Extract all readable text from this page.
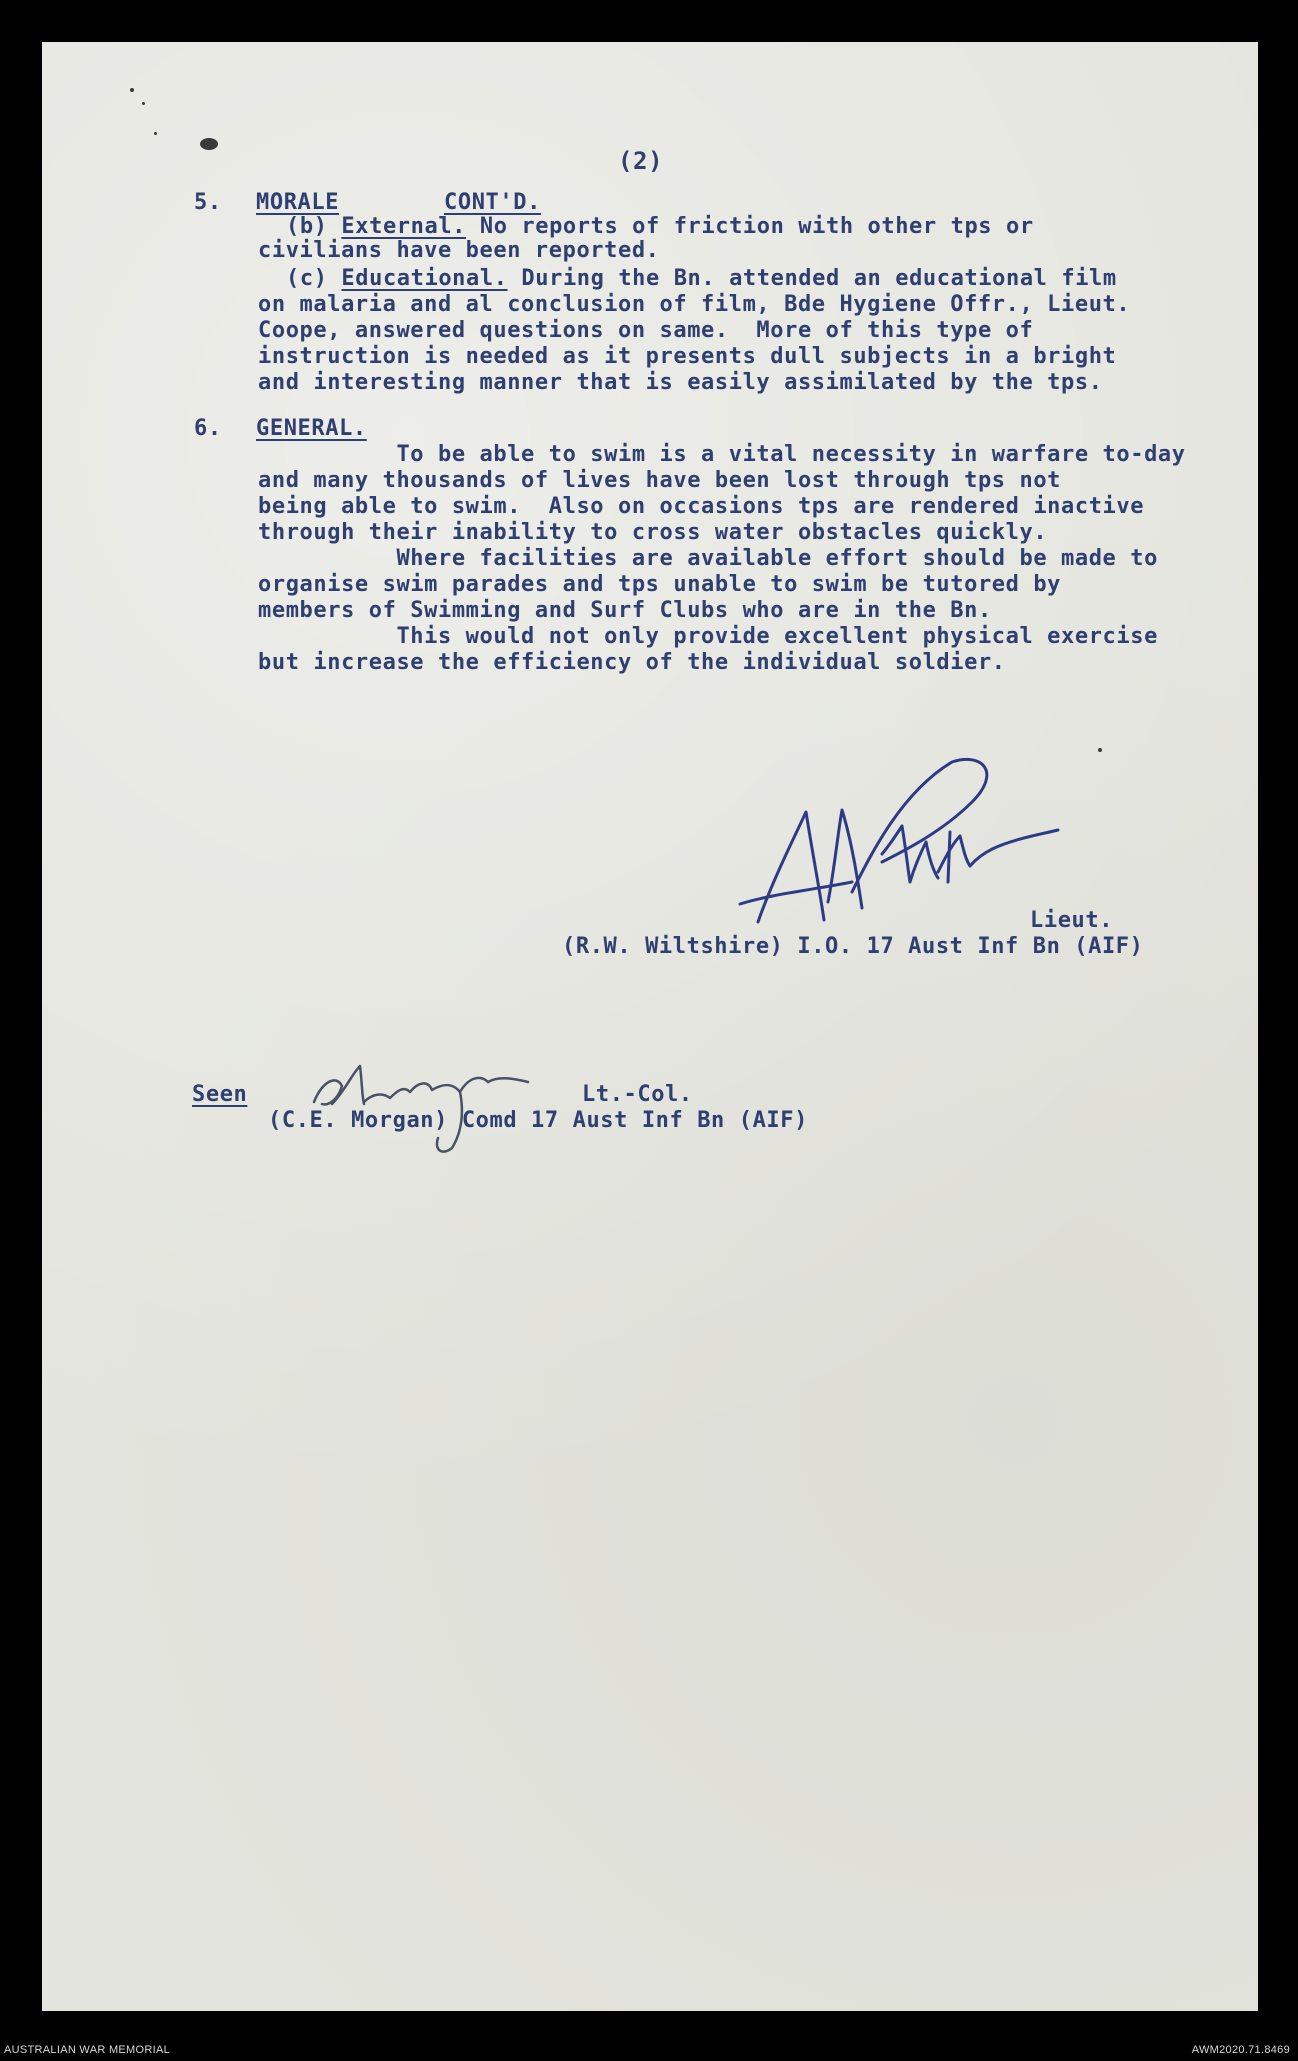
(2)
5. MORALE	CONT'D.
(b) External. No reports of friction with other tps or
civilians have been reported.
(c) Educational. During the Bn. attended an educational film
on malaria and al conclusion of film, Bde Hygiene Offr., Lieut.
Coope, answered questions on same.  More of this type of
instruction is needed as it presents dull subjects in a bright
and interesting manner that is easily assimilated by the tps.
6. GENERAL.
To be able to swim is a vital necessity in warfare to-day
and many thousands of lives have been lost through tps not
being able to swim.  Also on occasions tps are rendered inactive
through their inability to cross water obstacles quickly.
Where facilities are available effort should be made to
organise swim parades and tps unable to swim be tutored by
members of Swimming and Surf Clubs who are in the Bn.
This would not only provide excellent physical exercise
but increase the efficiency of the individual soldier.
Lieut.
(R.W. Wiltshire) I.O. 17 Aust Inf Bn (AIF)
Seen	Lt.-Col.
(C.E. Morgan) Comd 17 Aust Inf Bn (AIF)
AUSTRALIAN WAR MEMORIAL	AWM2020.71.8469
